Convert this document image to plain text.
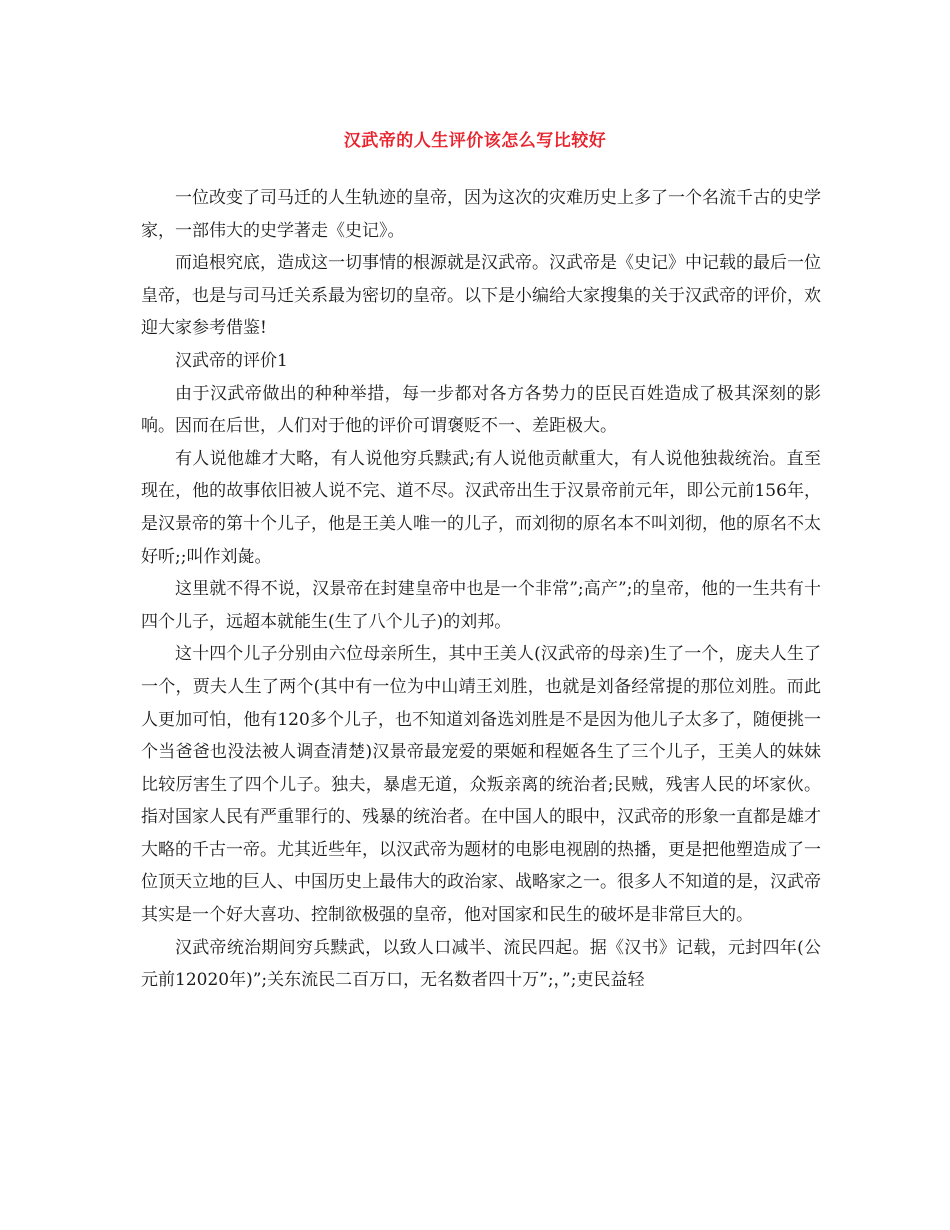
汉武帝的人生评价该怎么写比较好

一位改变了司马迁的人生轨迹的皇帝，因为这次的灾难历史上多了一个名流千古的史学家，一部伟大的史学著走《史记》。

而追根究底，造成这一切事情的根源就是汉武帝。汉武帝是《史记》中记载的最后一位皇帝，也是与司马迁关系最为密切的皇帝。以下是小编给大家搜集的关于汉武帝的评价，欢迎大家参考借鉴!

汉武帝的评价1

由于汉武帝做出的种种举措，每一步都对各方各势力的臣民百姓造成了极其深刻的影响。因而在后世，人们对于他的评价可谓褒贬不一、差距极大。

有人说他雄才大略，有人说他穷兵黩武;有人说他贡献重大，有人说他独裁统治。直至现在，他的故事依旧被人说不完、道不尽。汉武帝出生于汉景帝前元年，即公元前156年，是汉景帝的第十个儿子，他是王美人唯一的儿子，而刘彻的原名本不叫刘彻，他的原名不太好听;;叫作刘彘。

这里就不得不说，汉景帝在封建皇帝中也是一个非常”;高产”;的皇帝，他的一生共有十四个儿子，远超本就能生(生了八个儿子)的刘邦。

这十四个儿子分别由六位母亲所生，其中王美人(汉武帝的母亲)生了一个，庞夫人生了一个，贾夫人生了两个(其中有一位为中山靖王刘胜，也就是刘备经常提的那位刘胜。而此人更加可怕，他有120多个儿子，也不知道刘备选刘胜是不是因为他儿子太多了，随便挑一个当爸爸也没法被人调查清楚)汉景帝最宠爱的栗姬和程姬各生了三个儿子，王美人的妹妹比较厉害生了四个儿子。独夫，暴虐无道，众叛亲离的统治者;民贼，残害人民的坏家伙。指对国家人民有严重罪行的、残暴的统治者。在中国人的眼中，汉武帝的形象一直都是雄才大略的千古一帝。尤其近些年，以汉武帝为题材的电影电视剧的热播，更是把他塑造成了一位顶天立地的巨人、中国历史上最伟大的政治家、战略家之一。很多人不知道的是，汉武帝其实是一个好大喜功、控制欲极强的皇帝，他对国家和民生的破坏是非常巨大的。

汉武帝统治期间穷兵黩武，以致人口减半、流民四起。据《汉书》记载，元封四年(公元前12020年)”;关东流民二百万口，无名数者四十万”;，”;吏民益轻
